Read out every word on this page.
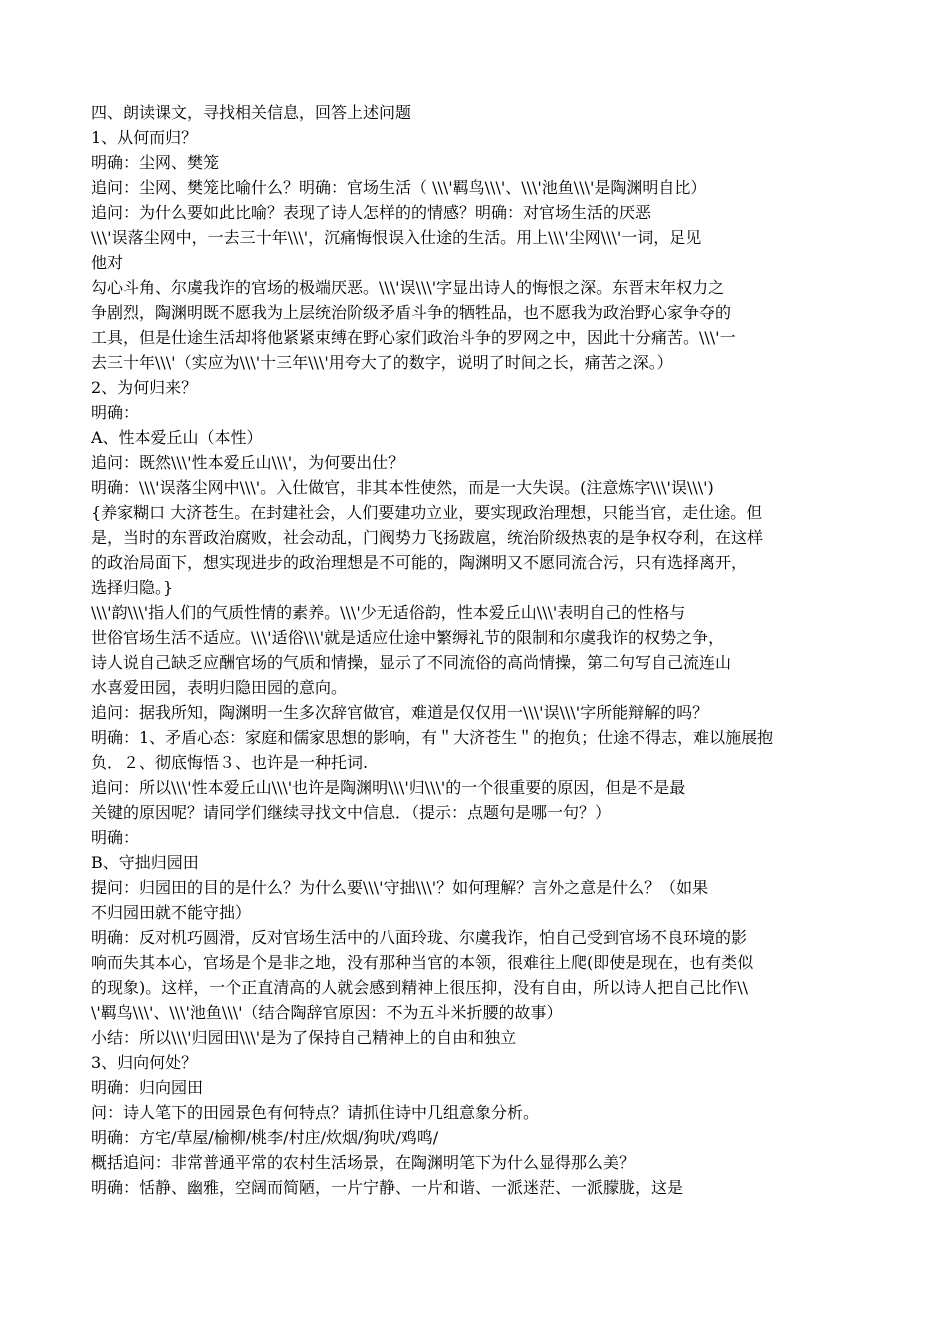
四、朗读课文，寻找相关信息，回答上述问题
1、从何而归？
明确：尘网、樊笼
追问：尘网、樊笼比喻什么？明确：官场生活（ \\\'羁鸟\\\'、\\\'池鱼\\\'是陶渊明自比）
追问：为什么要如此比喻？表现了诗人怎样的的情感？明确：对官场生活的厌恶
\\\'误落尘网中，一去三十年\\\'，沉痛悔恨误入仕途的生活。用上\\\'尘网\\\'一词，足见
他对
勾心斗角、尔虞我诈的官场的极端厌恶。\\\'误\\\'字显出诗人的悔恨之深。东晋末年权力之
争剧烈，陶渊明既不愿我为上层统治阶级矛盾斗争的牺牲品，也不愿我为政治野心家争夺的
工具，但是仕途生活却将他紧紧束缚在野心家们政治斗争的罗网之中，因此十分痛苦。\\\'一
去三十年\\\'（实应为\\\'十三年\\\'用夸大了的数字，说明了时间之长，痛苦之深。）
2、为何归来？
明确：
A、性本爱丘山（本性）
追问：既然\\\'性本爱丘山\\\'，为何要出仕？
明确：\\\'误落尘网中\\\'。入仕做官，非其本性使然，而是一大失误。(注意炼字\\\'误\\\')
{养家糊口 大济苍生。在封建社会，人们要建功立业，要实现政治理想，只能当官，走仕途。但
是，当时的东晋政治腐败，社会动乱，门阀势力飞扬跋扈，统治阶级热衷的是争权夺利，在这样
的政治局面下，想实现进步的政治理想是不可能的，陶渊明又不愿同流合污，只有选择离开，
选择归隐。}
\\\'韵\\\'指人们的气质性情的素养。\\\'少无适俗韵，性本爱丘山\\\'表明自己的性格与
世俗官场生活不适应。\\\'适俗\\\'就是适应仕途中繁缛礼节的限制和尔虞我诈的权势之争，
诗人说自己缺乏应酬官场的气质和情操，显示了不同流俗的高尚情操，第二句写自己流连山
水喜爱田园，表明归隐田园的意向。
追问：据我所知，陶渊明一生多次辞官做官，难道是仅仅用一\\\'误\\\'字所能辩解的吗？
明确：1、矛盾心态：家庭和儒家思想的影响，有＂大济苍生＂的抱负；仕途不得志，难以施展抱
负．２、彻底悔悟３、也许是一种托词.
追问：所以\\\'性本爱丘山\\\'也许是陶渊明\\\'归\\\'的一个很重要的原因，但是不是最
关键的原因呢？请同学们继续寻找文中信息．（提示：点题句是哪一句？）
明确：
B、守拙归园田
提问：归园田的目的是什么？为什么要\\\'守拙\\\'？如何理解？言外之意是什么？（如果
不归园田就不能守拙）
明确：反对机巧圆滑，反对官场生活中的八面玲珑、尔虞我诈，怕自己受到官场不良环境的影
响而失其本心，官场是个是非之地，没有那种当官的本领，很难往上爬(即使是现在，也有类似
的现象)。这样，一个正直清高的人就会感到精神上很压抑，没有自由，所以诗人把自己比作\\
\'羁鸟\\\'、\\\'池鱼\\\'（结合陶辞官原因：不为五斗米折腰的故事）
小结：所以\\\'归园田\\\'是为了保持自己精神上的自由和独立
3、归向何处？
明确：归向园田
问：诗人笔下的田园景色有何特点？请抓住诗中几组意象分析。
明确：方宅/草屋/榆柳/桃李/村庄/炊烟/狗吠/鸡鸣/
概括追问：非常普通平常的农村生活场景，在陶渊明笔下为什么显得那么美？
明确：恬静、幽雅，空阔而简陋，一片宁静、一片和谐、一派迷茫、一派朦胧，这是
